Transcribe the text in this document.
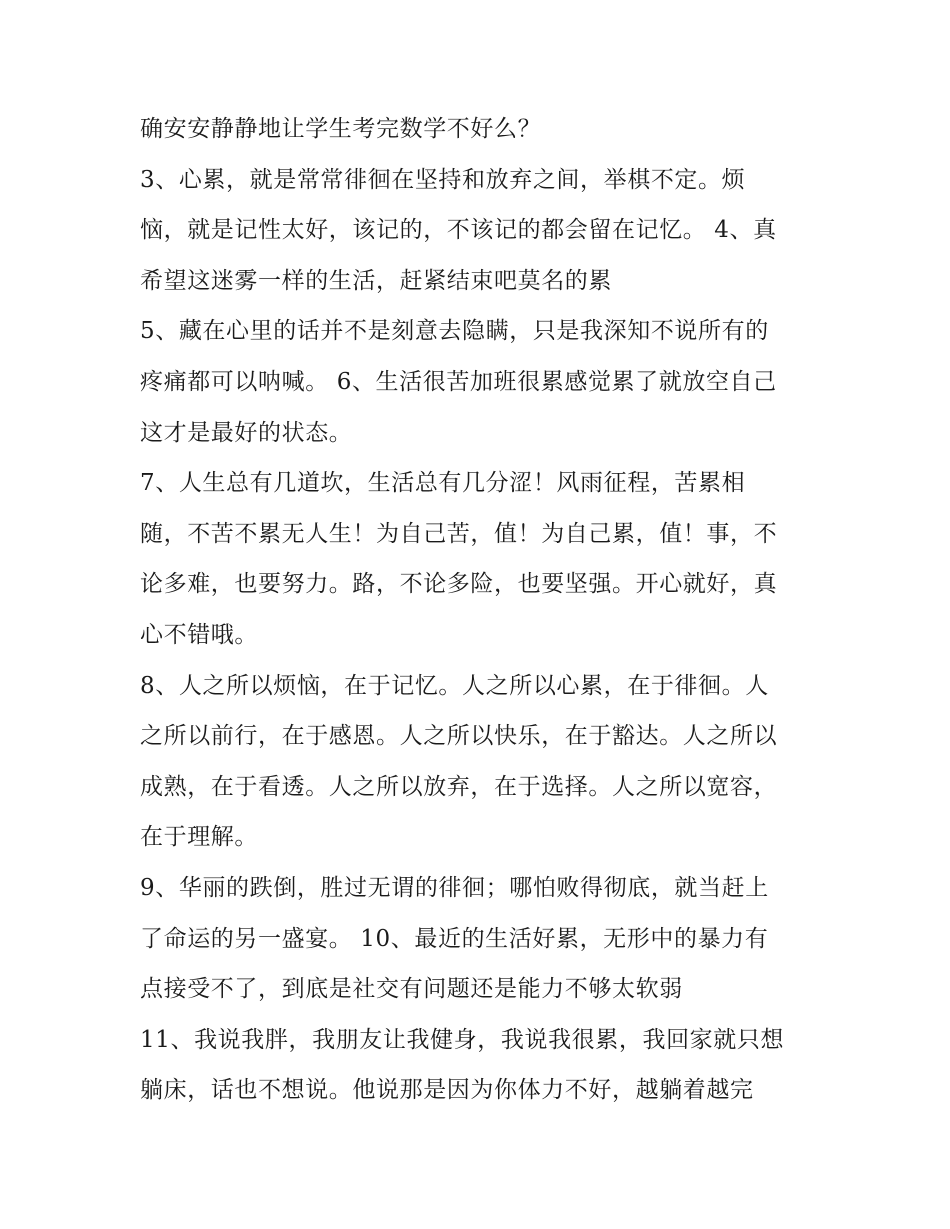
确安安静静地让学生考完数学不好么？

3、心累，就是常常徘徊在坚持和放弃之间，举棋不定。烦
恼，就是记性太好，该记的，不该记的都会留在记忆。 4、真
希望这迷雾一样的生活，赶紧结束吧莫名的累

5、藏在心里的话并不是刻意去隐瞒，只是我深知不说所有的
疼痛都可以呐喊。 6、生活很苦加班很累感觉累了就放空自己
这才是最好的状态。

7、人生总有几道坎，生活总有几分涩！风雨征程，苦累相
随，不苦不累无人生！为自己苦，值！为自己累，值！事，不
论多难，也要努力。路，不论多险，也要坚强。开心就好，真
心不错哦。

8、人之所以烦恼，在于记忆。人之所以心累，在于徘徊。人
之所以前行，在于感恩。人之所以快乐，在于豁达。人之所以
成熟，在于看透。人之所以放弃，在于选择。人之所以宽容，
在于理解。

9、华丽的跌倒，胜过无谓的徘徊；哪怕败得彻底，就当赶上
了命运的另一盛宴。 10、最近的生活好累，无形中的暴力有
点接受不了，到底是社交有问题还是能力不够太软弱

11、我说我胖，我朋友让我健身，我说我很累，我回家就只想
躺床，话也不想说。他说那是因为你体力不好，越躺着越完
